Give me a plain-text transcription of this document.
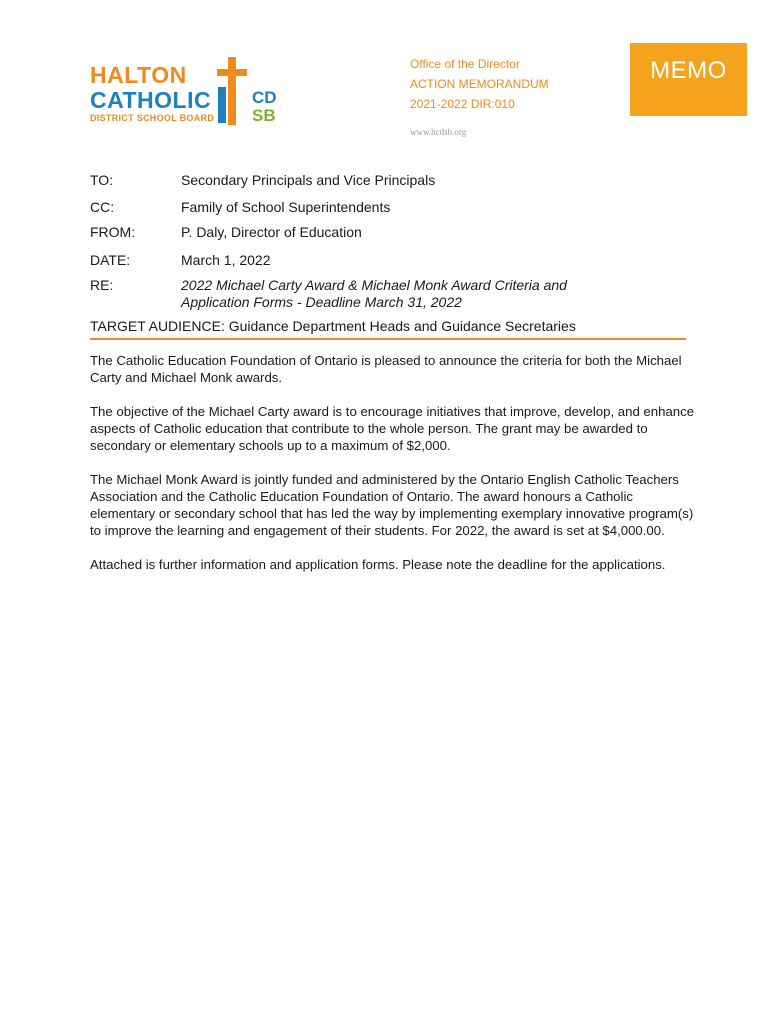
HALTON
CATHOLIC
DISTRICT SCHOOL BOARD
CD
SB
Office of the Director
ACTION MEMORANDUM
2021-2022 DIR:010
www.hcdsb.org
MEMO
TO:	Secondary Principals and Vice Principals
CC:	Family of School Superintendents
FROM:	P. Daly, Director of Education
DATE:	March 1, 2022
RE:	2022 Michael Carty Award & Michael Monk Award Criteria and
Application Forms - Deadline March 31, 2022
TARGET AUDIENCE: Guidance Department Heads and Guidance Secretaries

The Catholic Education Foundation of Ontario is pleased to announce the criteria for both the Michael Carty and Michael Monk awards.

The objective of the Michael Carty award is to encourage initiatives that improve, develop, and enhance aspects of Catholic education that contribute to the whole person. The grant may be awarded to secondary or elementary schools up to a maximum of $2,000.

The Michael Monk Award is jointly funded and administered by the Ontario English Catholic Teachers Association and the Catholic Education Foundation of Ontario. The award honours a Catholic elementary or secondary school that has led the way by implementing exemplary innovative program(s) to improve the learning and engagement of their students. For 2022, the award is set at $4,000.00.

Attached is further information and application forms. Please note the deadline for the applications.
